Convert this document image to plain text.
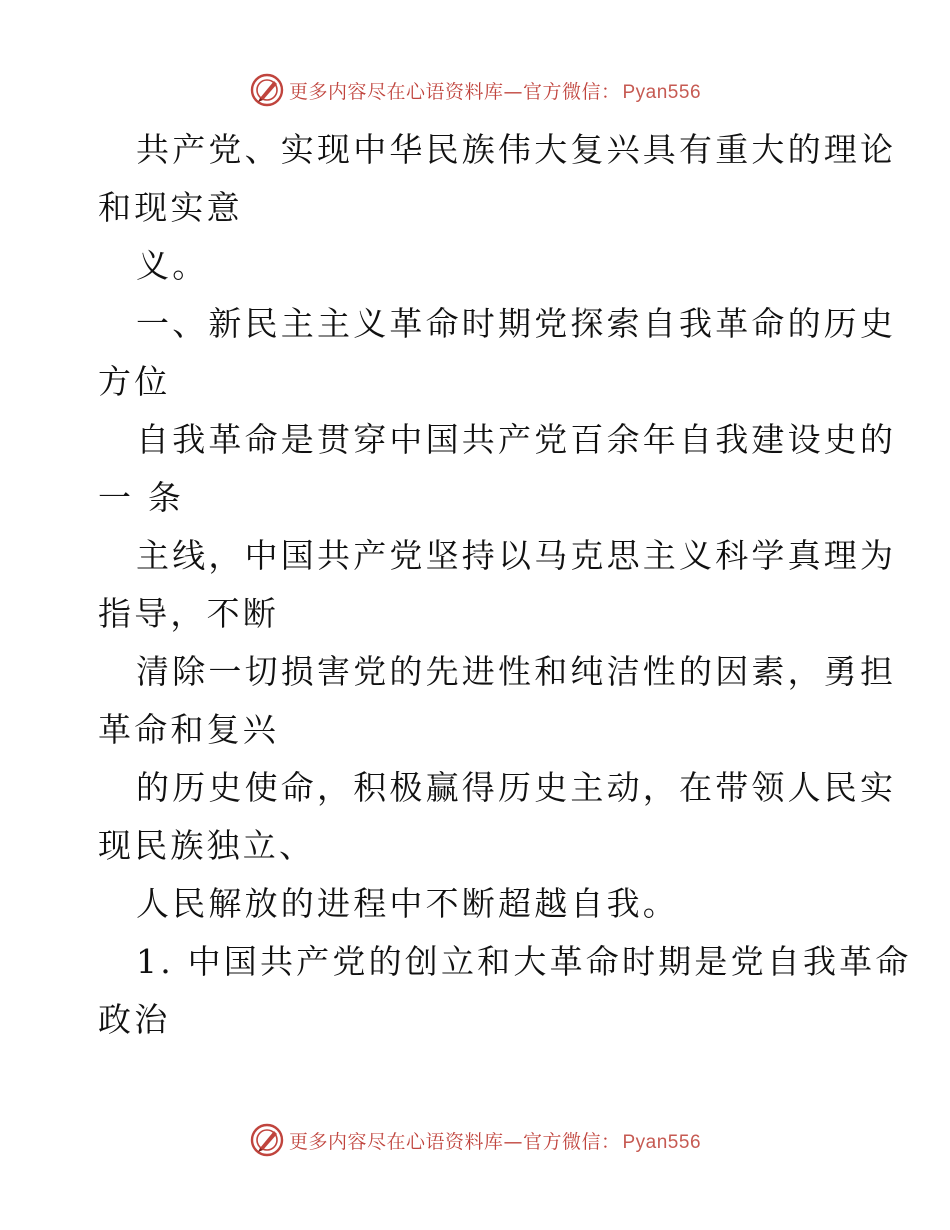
更多内容尽在心语资料库—官方微信： Pyan556
共产党、实现中华民族伟大复兴具有重大的理论
和现实意
义。
一、新民主主义革命时期党探索自我革命的历史
方位
自我革命是贯穿中国共产党百余年自我建设史的
一 条
主线，中国共产党坚持以马克思主义科学真理为
指导，不断
清除一切损害党的先进性和纯洁性的因素，勇担
革命和复兴
的历史使命，积极赢得历史主动，在带领人民实
现民族独立、
人民解放的进程中不断超越自我。
1. 中国共产党的创立和大革命时期是党自我革命
政治
更多内容尽在心语资料库—官方微信： Pyan556
